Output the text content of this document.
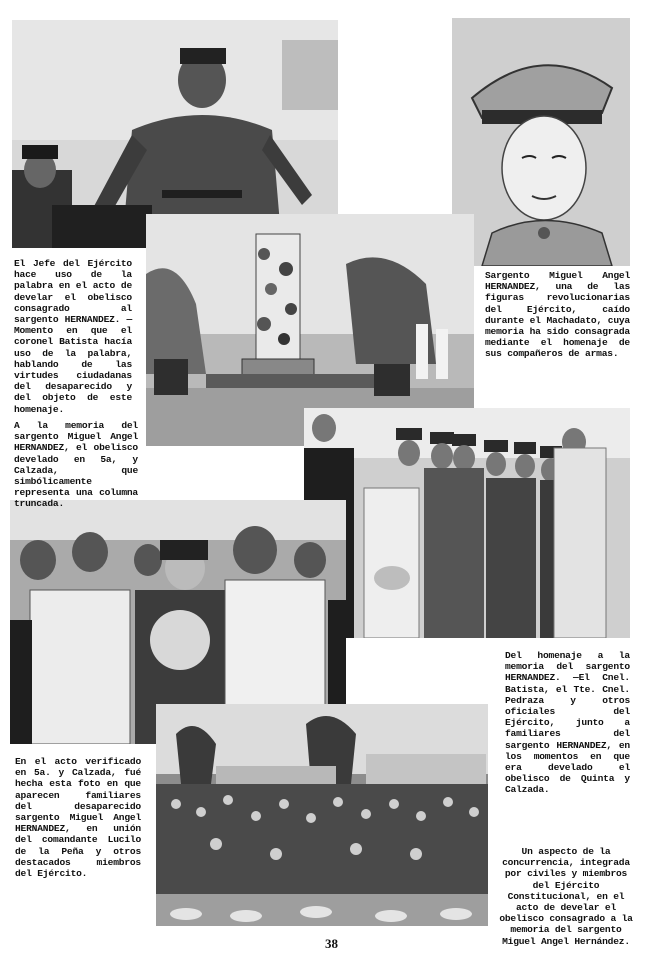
El Jefe del Ejército hace uso de la palabra en el acto de develar el obelisco consagrado al sargento HERNANDEZ. —Momento en que el coronel Batista hacía uso de la palabra, hablando de las virtudes ciudadanas del desaparecido y del objeto de este homenaje.
Sargento Miguel Angel HERNANDEZ, una de las figuras revolucionarias del Ejército, caído durante el Machadato, cuya memoria ha sido consagrada mediante el homenaje de sus compañeros de armas.
A la memoria del sargento Miguel Angel HERNANDEZ, el obelisco develado en 5a, y Calzada, que simbólicamente representa una columna truncada.
Del homenaje a la memoria del sargento HERNANDEZ. —El Cnel. Batista, el Tte. Cnel. Pedraza y otros oficiales del Ejército, junto a familiares del sargento HERNANDEZ, en los momentos en que era develado el obelisco de Quinta y Calzada.
En el acto verificado en 5a. y Calzada, fué hecha esta foto en que aparecen familiares del desaparecido sargento Miguel Angel HERNANDEZ, en unión del comandante Lucilo de la Peña y otros destacados miembros del Ejército.
Un aspecto de la concurrencia, integrada por civiles y miembros del Ejército Constitucional, en el acto de develar el obelisco consagrado a la memoria del sargento Miguel Angel Hernández.
38
